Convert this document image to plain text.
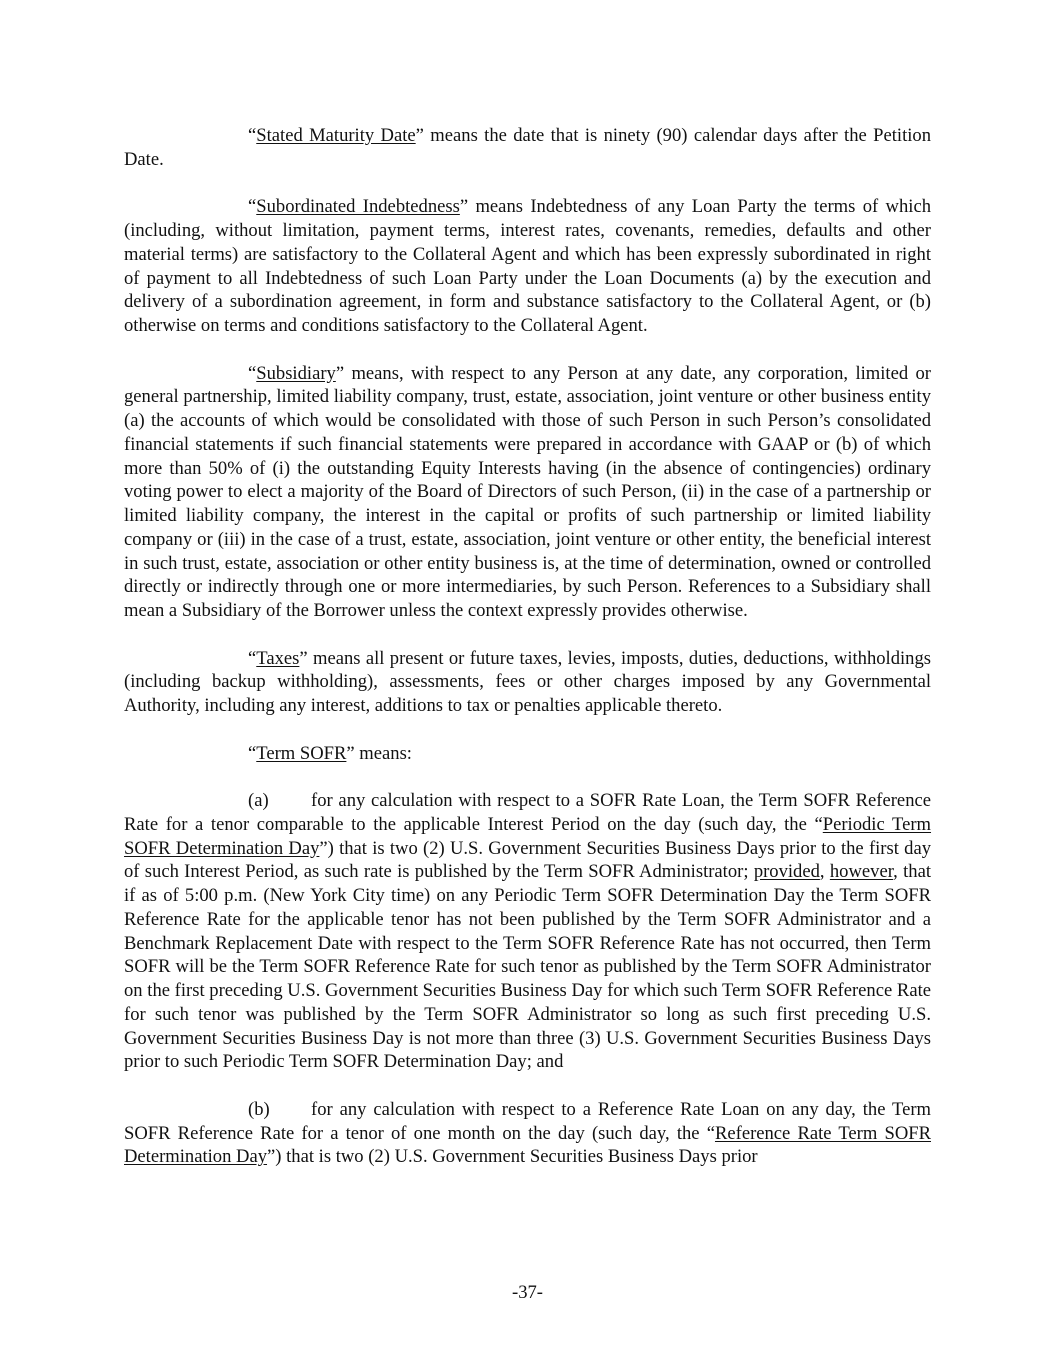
“Stated Maturity Date” means the date that is ninety (90) calendar days after the Petition Date.

“Subordinated Indebtedness” means Indebtedness of any Loan Party the terms of which (including, without limitation, payment terms, interest rates, covenants, remedies, defaults and other material terms) are satisfactory to the Collateral Agent and which has been expressly subordinated in right of payment to all Indebtedness of such Loan Party under the Loan Documents (a) by the execution and delivery of a subordination agreement, in form and substance satisfactory to the Collateral Agent, or (b) otherwise on terms and conditions satisfactory to the Collateral Agent.

“Subsidiary” means, with respect to any Person at any date, any corporation, limited or general partnership, limited liability company, trust, estate, association, joint venture or other business entity (a) the accounts of which would be consolidated with those of such Person in such Person’s consolidated financial statements if such financial statements were prepared in accordance with GAAP or (b) of which more than 50% of (i) the outstanding Equity Interests having (in the absence of contingencies) ordinary voting power to elect a majority of the Board of Directors of such Person, (ii) in the case of a partnership or limited liability company, the interest in the capital or profits of such partnership or limited liability company or (iii) in the case of a trust, estate, association, joint venture or other entity, the beneficial interest in such trust, estate, association or other entity business is, at the time of determination, owned or controlled directly or indirectly through one or more intermediaries, by such Person. References to a Subsidiary shall mean a Subsidiary of the Borrower unless the context expressly provides otherwise.

“Taxes” means all present or future taxes, levies, imposts, duties, deductions, withholdings (including backup withholding), assessments, fees or other charges imposed by any Governmental Authority, including any interest, additions to tax or penalties applicable thereto.

“Term SOFR” means:

(a) for any calculation with respect to a SOFR Rate Loan, the Term SOFR Reference Rate for a tenor comparable to the applicable Interest Period on the day (such day, the “Periodic Term SOFR Determination Day”) that is two (2) U.S. Government Securities Business Days prior to the first day of such Interest Period, as such rate is published by the Term SOFR Administrator; provided, however, that if as of 5:00 p.m. (New York City time) on any Periodic Term SOFR Determination Day the Term SOFR Reference Rate for the applicable tenor has not been published by the Term SOFR Administrator and a Benchmark Replacement Date with respect to the Term SOFR Reference Rate has not occurred, then Term SOFR will be the Term SOFR Reference Rate for such tenor as published by the Term SOFR Administrator on the first preceding U.S. Government Securities Business Day for which such Term SOFR Reference Rate for such tenor was published by the Term SOFR Administrator so long as such first preceding U.S. Government Securities Business Day is not more than three (3) U.S. Government Securities Business Days prior to such Periodic Term SOFR Determination Day; and

(b) for any calculation with respect to a Reference Rate Loan on any day, the Term SOFR Reference Rate for a tenor of one month on the day (such day, the “Reference Rate Term SOFR Determination Day”) that is two (2) U.S. Government Securities Business Days prior

-37-
